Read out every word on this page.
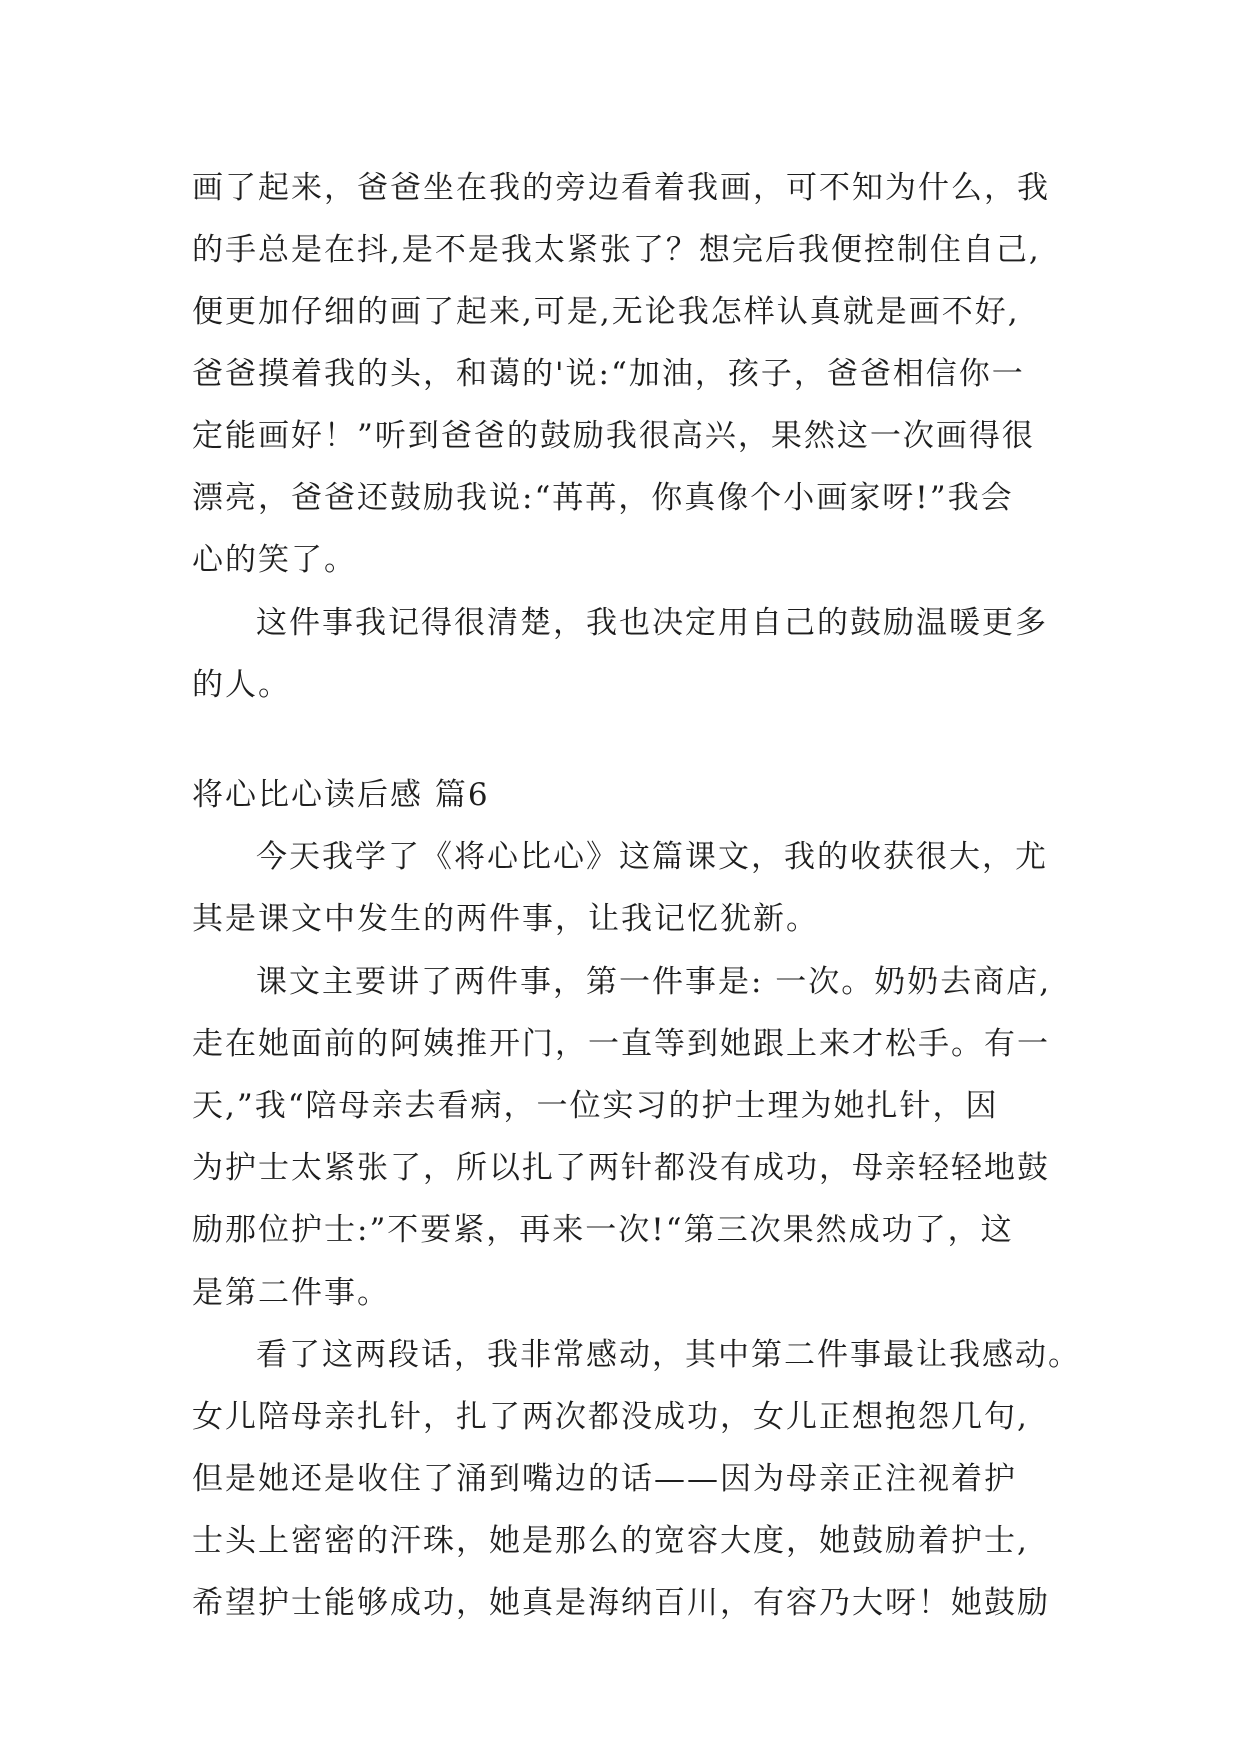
画了起来，爸爸坐在我的旁边看着我画，可不知为什么，我
的手总是在抖,是不是我太紧张了？想完后我便控制住自己,
便更加仔细的画了起来,可是,无论我怎样认真就是画不好,
爸爸摸着我的头，和蔼的'说:“加油，孩子，爸爸相信你一
定能画好！”听到爸爸的鼓励我很高兴，果然这一次画得很
漂亮，爸爸还鼓励我说:“苒苒，你真像个小画家呀!”我会
心的笑了。
这件事我记得很清楚，我也决定用自己的鼓励温暖更多
的人。
将心比心读后感 篇6
今天我学了《将心比心》这篇课文，我的收获很大，尤
其是课文中发生的两件事，让我记忆犹新。
课文主要讲了两件事，第一件事是: 一次。奶奶去商店,
走在她面前的阿姨推开门，一直等到她跟上来才松手。有一
天,”我“陪母亲去看病，一位实习的护士理为她扎针，因
为护士太紧张了，所以扎了两针都没有成功，母亲轻轻地鼓
励那位护士:”不要紧，再来一次!“第三次果然成功了，这
是第二件事。
看了这两段话，我非常感动，其中第二件事最让我感动。
女儿陪母亲扎针，扎了两次都没成功，女儿正想抱怨几句,
但是她还是收住了涌到嘴边的话——因为母亲正注视着护
士头上密密的汗珠，她是那么的宽容大度，她鼓励着护士,
希望护士能够成功，她真是海纳百川，有容乃大呀！她鼓励
